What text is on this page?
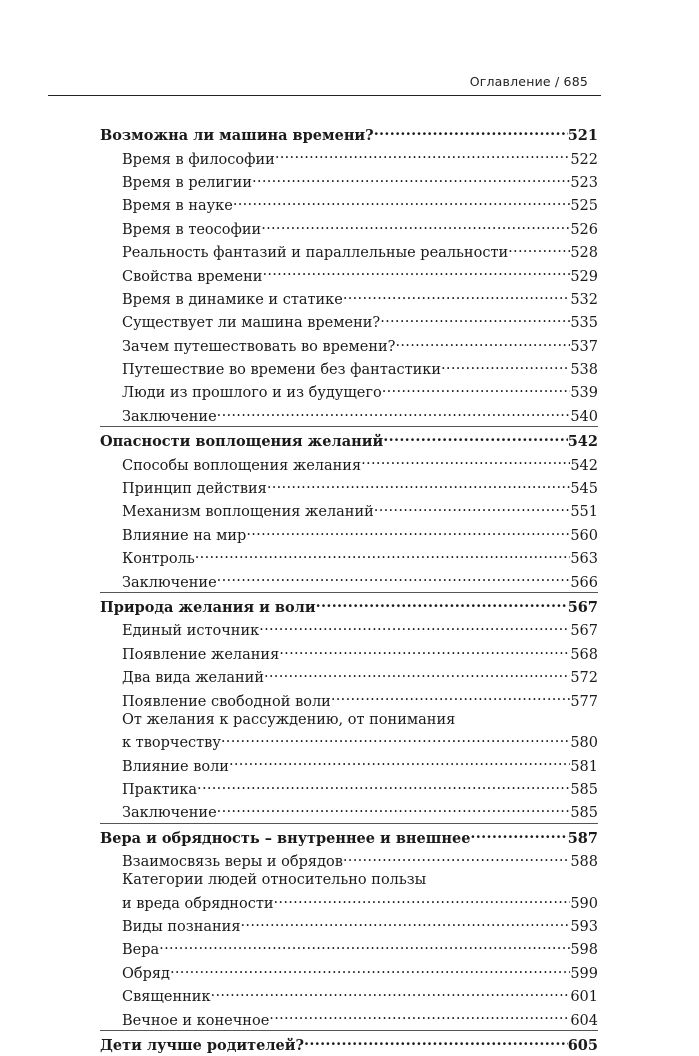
Оглавление / 685
Возможна ли машина времени? .....	521
Время в философии .....	522
Время в религии .....	523
Время в науке .....	525
Время в теософии .....	526
Реальность фантазий и параллельные реальности .....	528
Свойства времени .....	529
Время в динамике и статике .....	532
Существует ли машина времени? .....	535
Зачем путешествовать во времени? .....	537
Путешествие во времени без фантастики .....	538
Люди из прошлого и из будущего .....	539
Заключение .....	540
Опасности воплощения желаний .....	542
Способы воплощения желания .....	542
Принцип действия .....	545
Механизм воплощения желаний .....	551
Влияние на мир .....	560
Контроль .....	563
Заключение .....	566
Природа желания и воли .....	567
Единый источник .....	567
Появление желания .....	568
Два вида желаний .....	572
Появление свободной воли .....	577
От желания к рассуждению, от понимания
к творчеству .....	580
Влияние воли .....	581
Практика .....	585
Заключение .....	585
Вера и обрядность – внутреннее и внешнее .....	587
Взаимосвязь веры и обрядов .....	588
Категории людей относительно пользы
и вреда обрядности .....	590
Виды познания .....	593
Вера .....	598
Обряд .....	599
Священник .....	601
Вечное и конечное .....	604
Дети лучше родителей? .....	605
